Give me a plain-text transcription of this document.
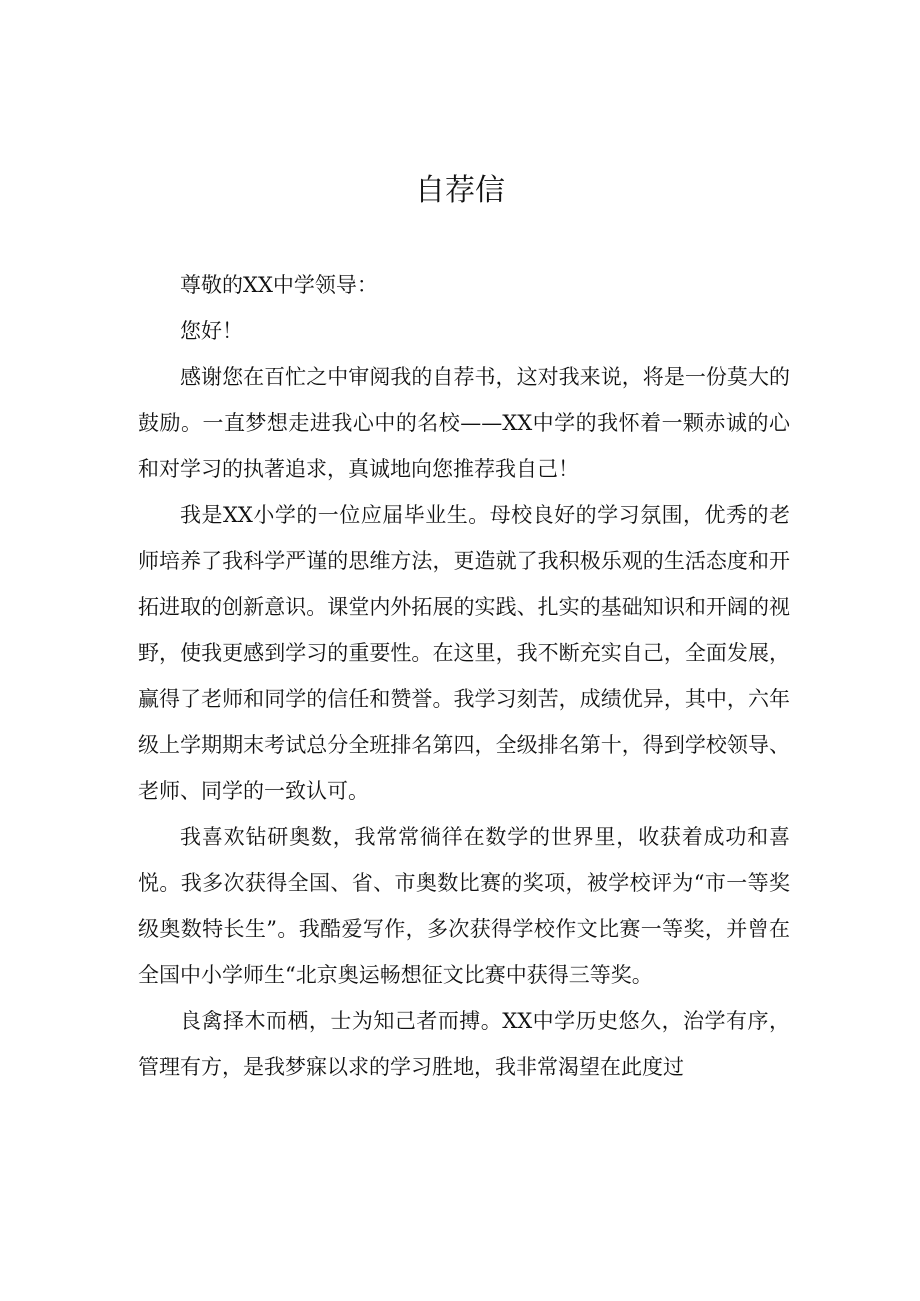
自荐信

尊敬的XX中学领导：

您好！

感谢您在百忙之中审阅我的自荐书，这对我来说，将是一份莫大的鼓励。一直梦想走进我心中的名校——XX中学的我怀着一颗赤诚的心和对学习的执著追求，真诚地向您推荐我自己！

我是XX小学的一位应届毕业生。母校良好的学习氛围，优秀的老师培养了我科学严谨的思维方法，更造就了我积极乐观的生活态度和开拓进取的创新意识。课堂内外拓展的实践、扎实的基础知识和开阔的视野，使我更感到学习的重要性。在这里，我不断充实自己，全面发展，赢得了老师和同学的信任和赞誉。我学习刻苦，成绩优异，其中，六年级上学期期末考试总分全班排名第四，全级排名第十，得到学校领导、老师、同学的一致认可。

我喜欢钻研奥数，我常常徜徉在数学的世界里，收获着成功和喜悦。我多次获得全国、省、市奥数比赛的奖项，被学校评为“市一等奖级奥数特长生”。我酷爱写作，多次获得学校作文比赛一等奖，并曾在全国中小学师生“北京奥运畅想征文比赛中获得三等奖。

良禽择木而栖，士为知己者而搏。XX中学历史悠久，治学有序，管理有方，是我梦寐以求的学习胜地，我非常渴望在此度过
